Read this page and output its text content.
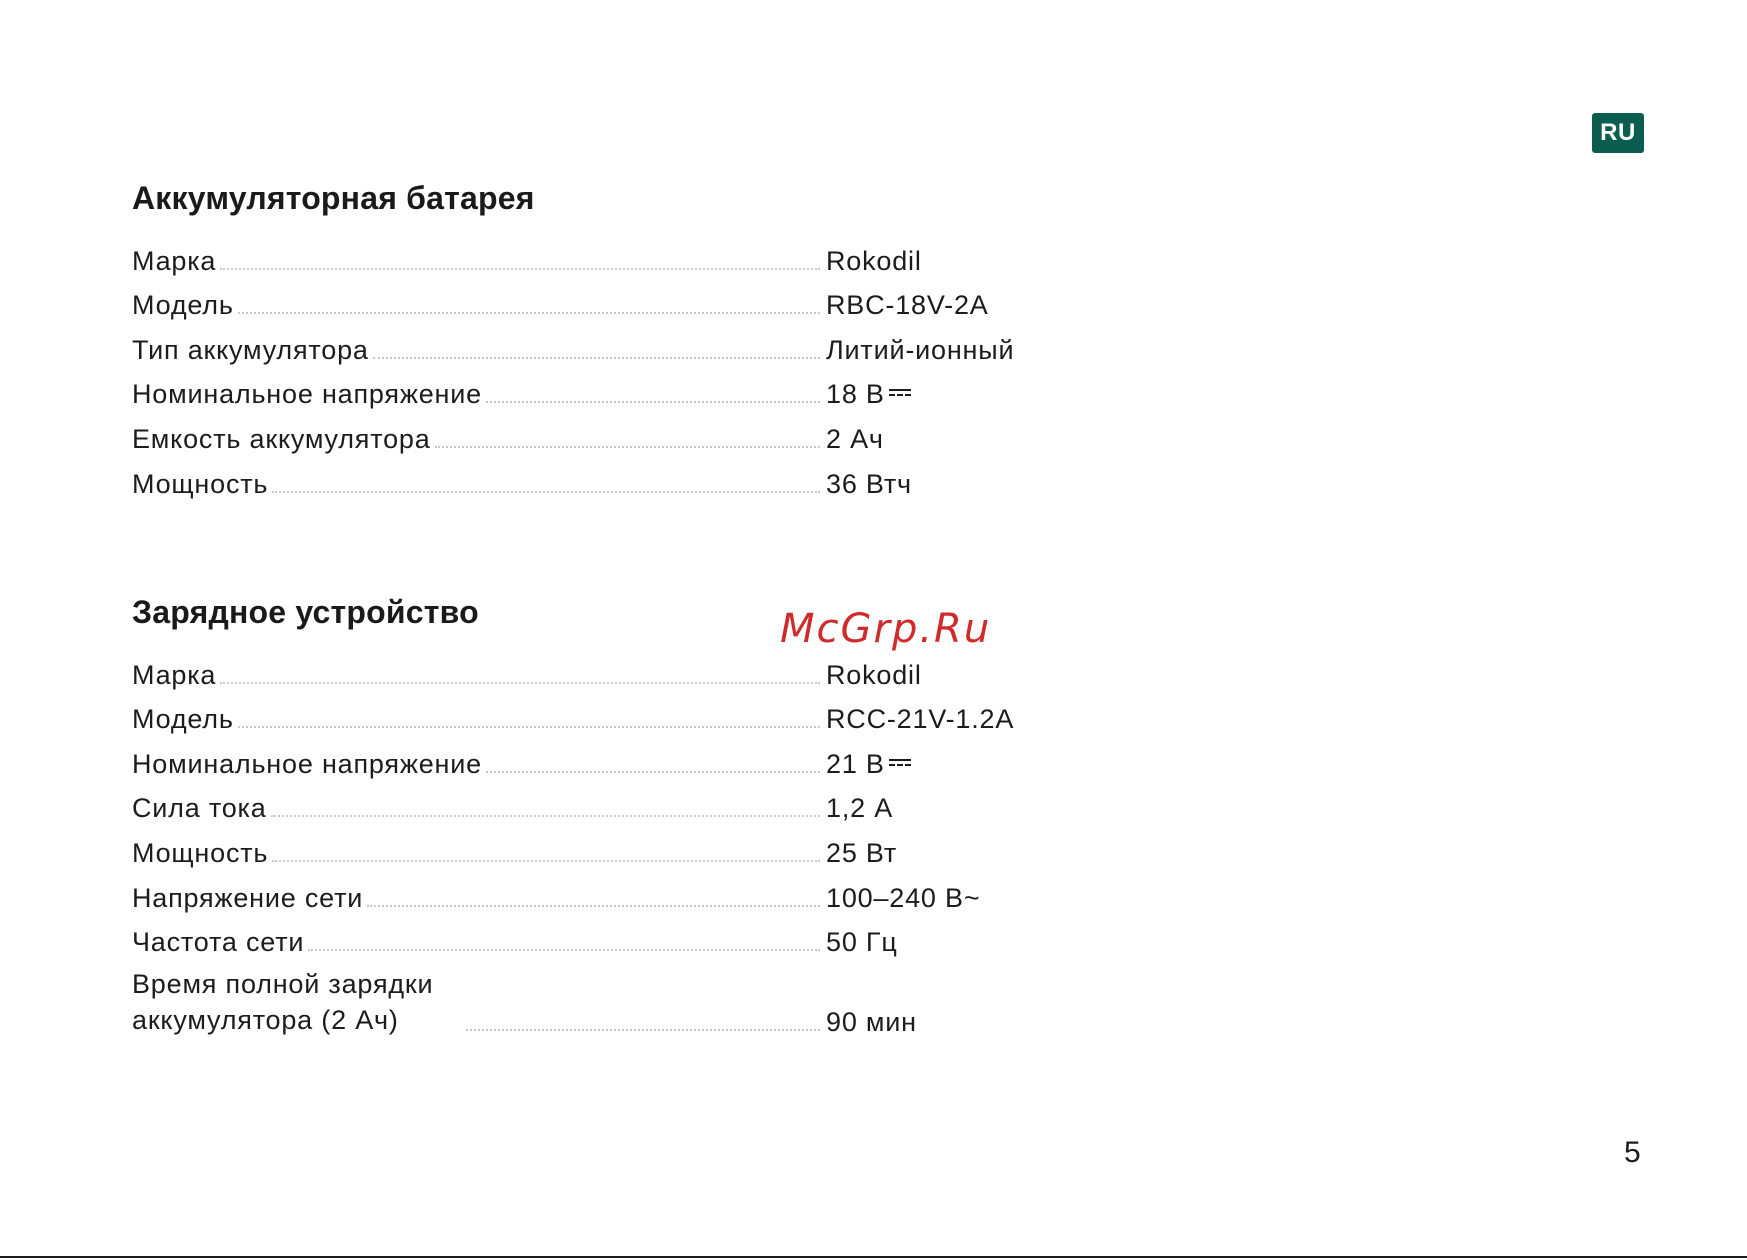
RU
Аккумуляторная батарея
Марка	Rokodil
Модель	RBC-18V-2A
Тип аккумулятора	Литий-ионный
Номинальное напряжение	18 В
Емкость аккумулятора	2 Ач
Мощность	36 Втч
Зарядное устройство
Марка	Rokodil
Модель	RCC-21V-1.2A
Номинальное напряжение	21 В
Сила тока	1,2 А
Мощность	25 Вт
Напряжение сети	100–240 В~
Частота сети	50 Гц
Время полной зарядки аккумулятора (2 Ач)	90 мин
McGrp.Ru
5
